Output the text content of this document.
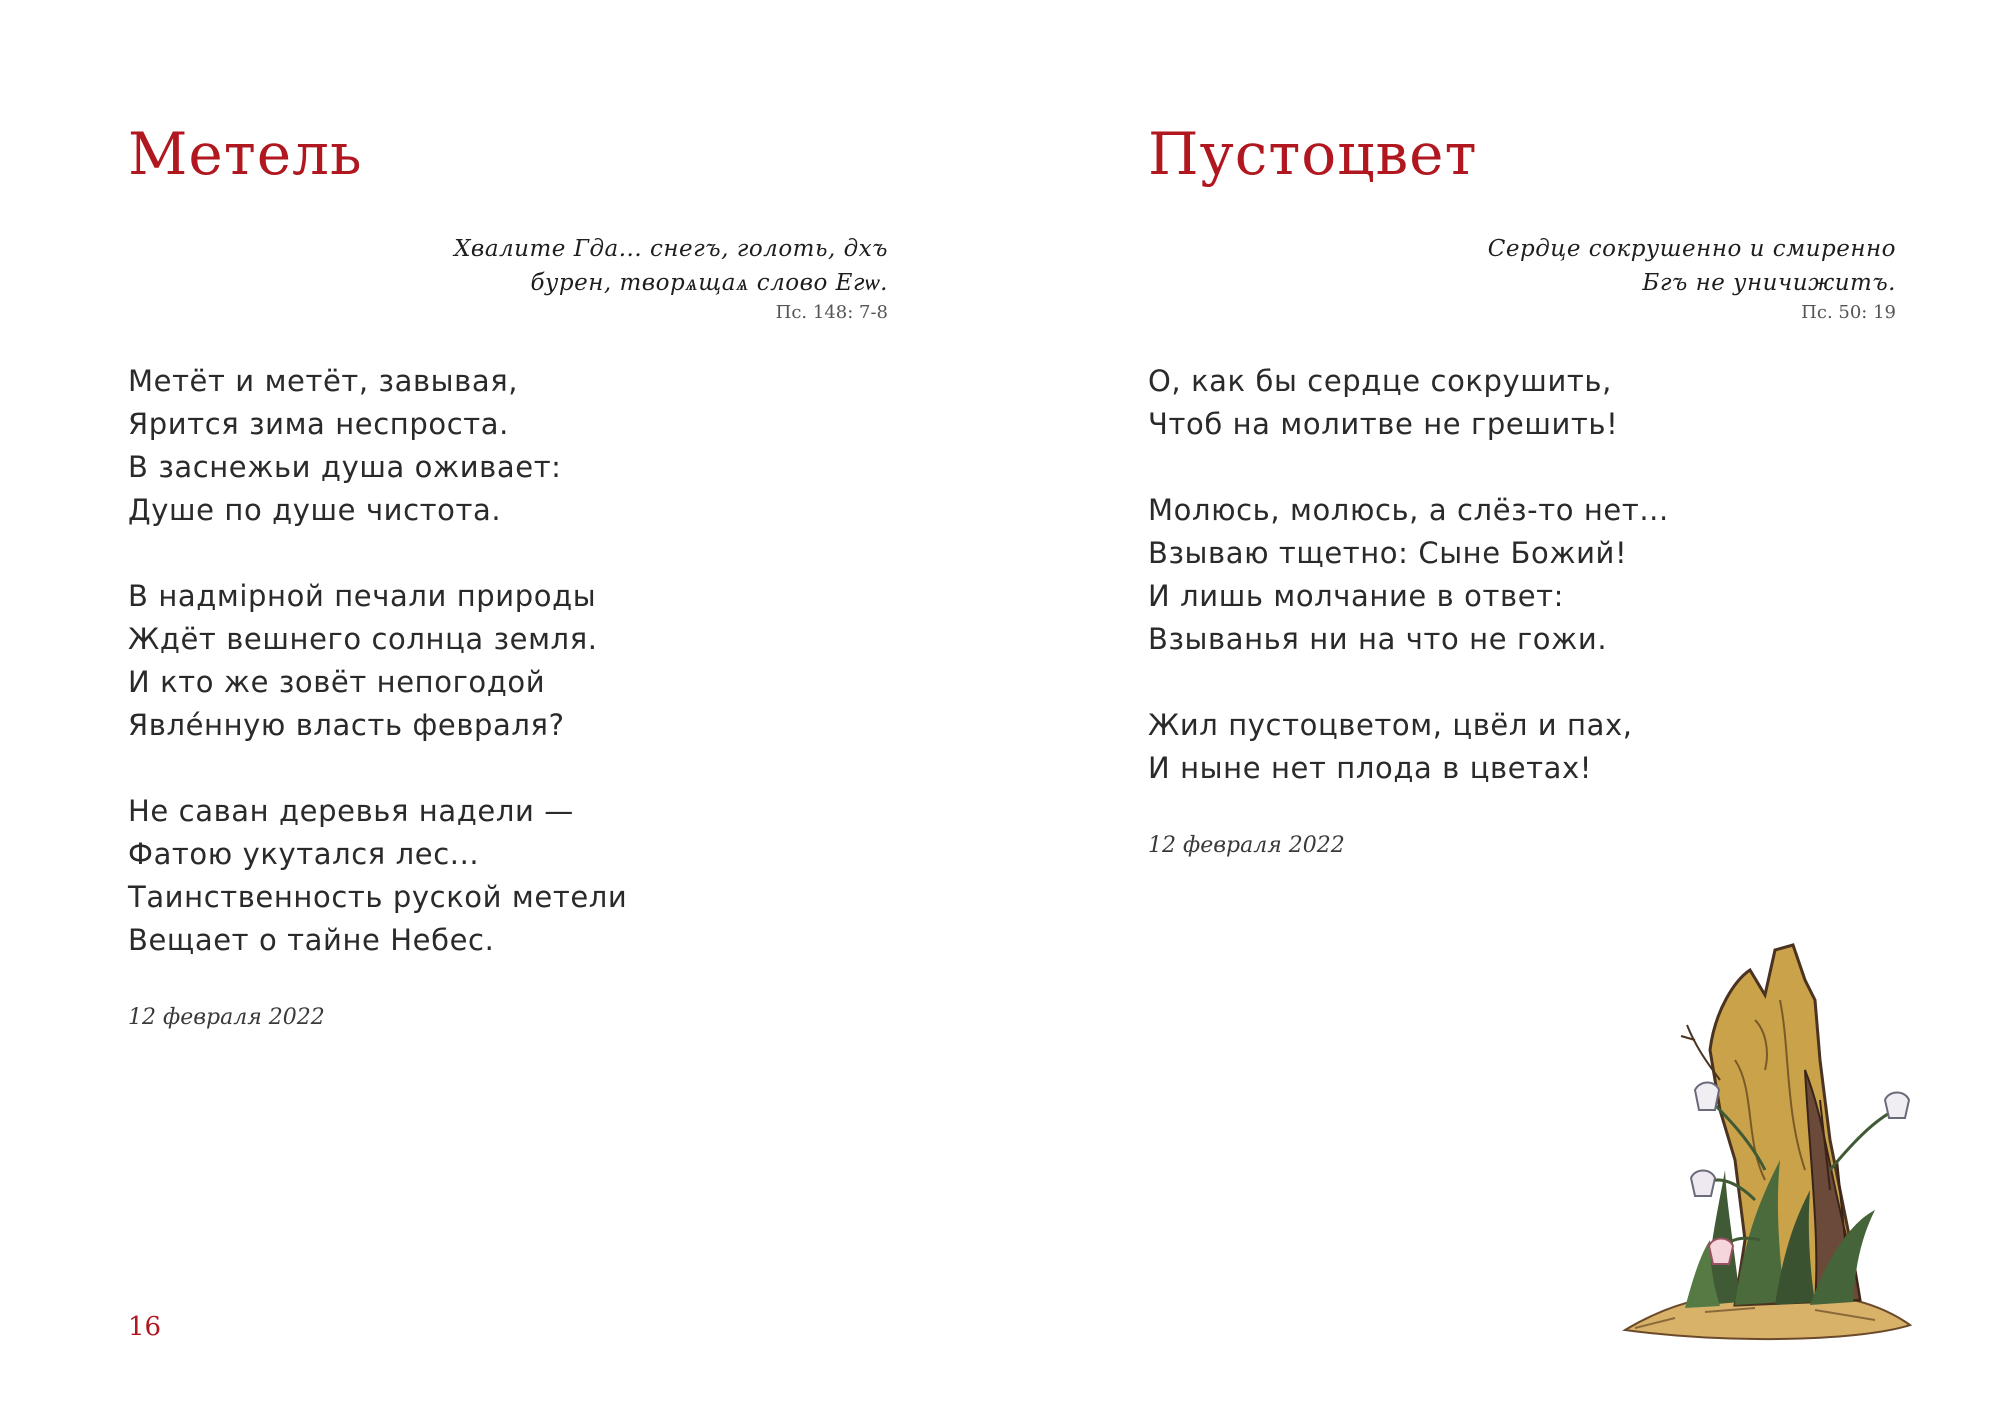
Метель
Хвалите Гда... снегъ, голоть, дхъ
бурен, творѧщаѧ слово Егѡ.
Пс. 148: 7-8
Метёт и метёт, завывая,
Ярится зима неспроста.
В заснежьи душа оживает:
Душе по душе чистота.
В надмiрной печали природы
Ждёт вешнего солнца земля.
И кто же зовёт непогодой
Явлéнную власть февраля?
Не саван деревья надели —
Фатою укутался лес...
Таинственность руской метели
Вещает о тайне Небес.
12 февраля 2022
16
Пустоцвет
Сердце сокрушенно и смиренно
Бгъ не уничижитъ.
Пс. 50: 19
О, как бы сердце сокрушить,
Чтоб на молитве не грешить!
Молюсь, молюсь, а слёз-то нет...
Взываю тщетно: Сыне Божий!
И лишь молчание в ответ:
Взыванья ни на что не гожи.
Жил пустоцветом, цвёл и пах,
И ныне нет плода в цветах!
12 февраля 2022
